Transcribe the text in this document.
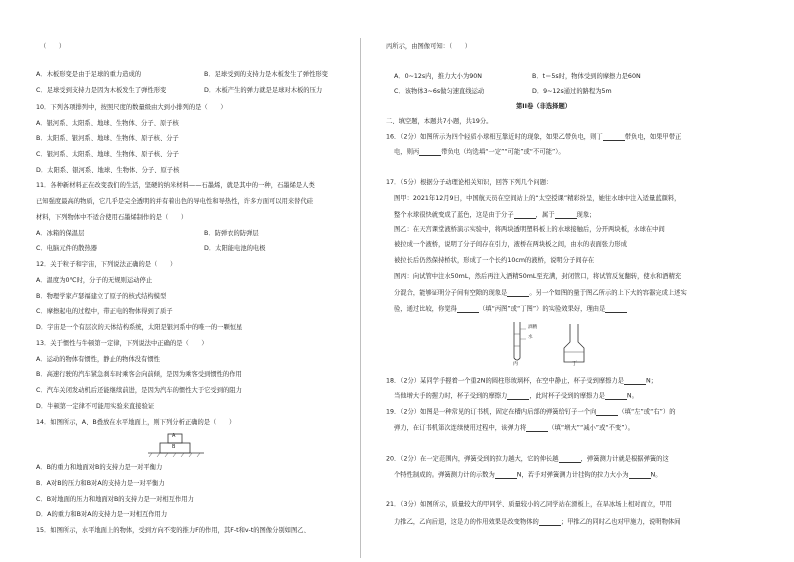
（　　）
A．木板形变是由于足球的重力造成的	B．足球受到的支持力是木板发生了弹性形变
C．足球受到支持力是因为木板发生了弹性形变	D．木板产生的弹力就是足球对木板的压力
10．下列各项排列中，按照尺度的数量级由大到小排列的是（　　）
A．银河系、太阳系、地球、生物体、分子、原子核
B．太阳系、银河系、地球、生物体、原子核、分子
C．银河系、太阳系、地球、生物体、原子核、分子
D．太阳系、银河系、地球、生物体、分子、原子核
11．各种新材料正在改变我们的生活，坚硬的纳米材料——石墨烯，就是其中的一种，石墨烯是人类
已知强度最高的物质，它几乎是完全透明的并有着出色的导电性和导热性，许多方面可以用来替代硅
材料，下列物体中不适合使用石墨烯制作的是（　　）
A．冰箱的保温层	B．防弹衣的防弹层
C．电脑元件的散热器	D．太阳能电池的电极
12．关于粒子和宇宙，下列说法正确的是（　　）
A．温度为0℃时，分子的无规则运动停止
B．物理学家卢瑟福建立了原子的核式结构模型
C．摩擦起电的过程中，带正电的物体得到了质子
D．宇宙是一个有层次的天体结构系统，太阳是银河系中的唯一的一颗恒星
13．关于惯性与牛顿第一定律，下列说法中正确的是（　　）
A．运动的物体有惯性，静止的物体没有惯性
B．高速行驶的汽车紧急刹车时乘客会向前倾，是因为乘客受到惯性的作用
C．汽车关闭发动机后还能继续前进，是因为汽车的惯性大于它受到的阻力
D．牛顿第一定律不可能用实验来直接验证
14．如图所示，A、B叠放在水平地面上，则下列分析正确的是（　　）
A
B
A．B的重力和地面对B的支持力是一对平衡力
B．A对B的压力和B对A的支持力是一对平衡力
C．B对地面的压力和地面对B的支持力是一对相互作用力
D．A的重力和B对A的支持力是一对相互作用力
15．如图所示，水平地面上的物体，受到方向不变的推力F的作用，其F-t和v-t的图像分别如图乙、
丙所示，由图像可知：（　　）
A．0~12s内，推力大小为90N	B．t＝5s时，物体受到的摩擦力是60N
C．该物体3~6s做匀速直线运动	D．9~12s通过的路程为5m
第II卷（非选择题）
二、填空题，本题共7小题，共19分。
16．（2分）如图所示为四个轻质小球相互靠近时的现象，如果乙带负电，则丁	带负电，如果甲带正
电，则丙	带负电（均选填“一定”“可能”或“不可能”）。
17．（5分）根据分子动理论相关知识，回答下列几个问题：
图甲：2021年12月9日，中国航天员在空间站上的“太空授课”精彩纷呈，她往水球中注入适量蓝颜料，
整个水球很快就变成了蓝色，这是由于分子	，属于	现象；
图乙：在天宫课堂液桥演示实验中，将两块透明塑料板上的水球接触后，分开两块板，水球在中间
被拉成一个液桥，说明了分子间存在引力，液桥在两块板之间，由水的表面张力形成
被拉长后仍然保持桥状，形成了一个长约10cm的液桥，说明分子间存在
图丙：向试管中注水50mL，然后再注入酒精50mL至充满，封闭管口，将试管反复翻转，使水和酒精充
分混合，能够证明分子间有空隙的现象是	。另一个如图的量于图乙所示的上下大的容器完成上述实
验，通过比较，你觉得	（填“丙图”或“丁图”）的实验效果好，理由是
酒精
水
丙	丁
18．（2分）某同学手握着一个重2N的圆柱形玻璃杯，在空中静止，杯子受到摩擦力是	N；
当他增大手的握力时，杯子受到的摩擦力	，此时杯子受到的摩擦力是	N。
19．（2分）如图是一种常见的订书机，固定在槽内后部的弹簧给钉子一个向	（填“左”或“右”）的
弹力，在订书机第次连续使用过程中，该弹力将	（填“增大”“减小”或“不变”）。
20．（2分）在一定范围内，弹簧受到的拉力越大，它的伸长越	，弹簧测力计就是根据弹簧的这
个特性制成的。弹簧测力计的示数为	N，若手对弹簧测力计挂钩的拉力大小为	N。
21．（3分）如图所示，质量较大的甲同学、质量较小的乙同学站在滑板上，在旱冰场上相对而立，甲用
力推乙，乙向后退，这是力的作用效果是改变物体的	；甲推乙的同时乙也对甲施力，说明物体间
